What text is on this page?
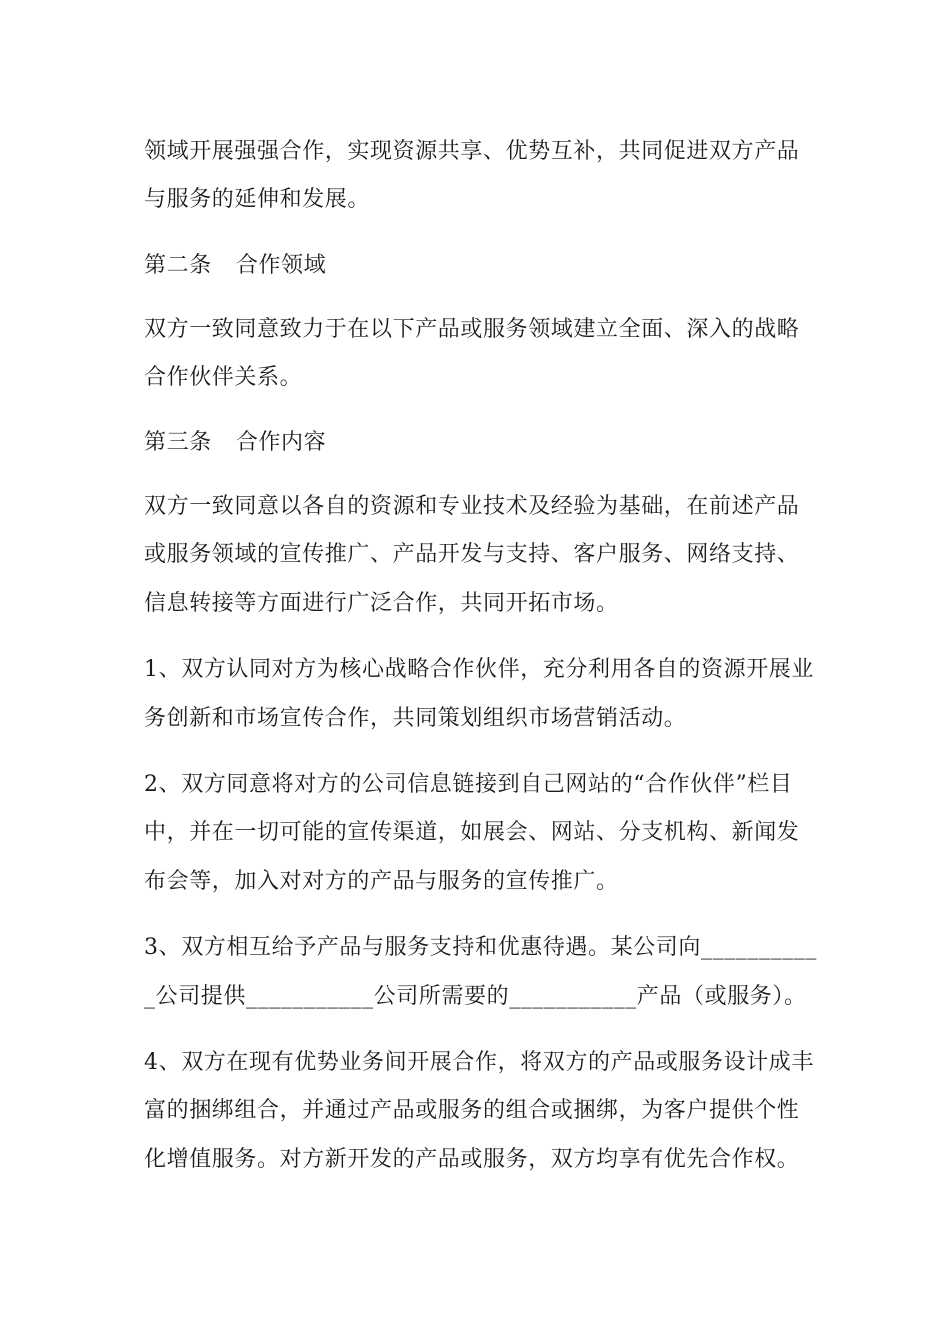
领域开展强强合作，实现资源共享、优势互补，共同促进双方产品
与服务的延伸和发展。
第二条 合作领域
双方一致同意致力于在以下产品或服务领域建立全面、深入的战略
合作伙伴关系。
第三条 合作内容
双方一致同意以各自的资源和专业技术及经验为基础，在前述产品
或服务领域的宣传推广、产品开发与支持、客户服务、网络支持、
信息转接等方面进行广泛合作，共同开拓市场。
1、双方认同对方为核心战略合作伙伴，充分利用各自的资源开展业
务创新和市场宣传合作，共同策划组织市场营销活动。
2、双方同意将对方的公司信息链接到自己网站的“合作伙伴”栏目
中，并在一切可能的宣传渠道，如展会、网站、分支机构、新闻发
布会等，加入对对方的产品与服务的宣传推广。
3、双方相互给予产品与服务支持和优惠待遇。某公司向__________
_公司提供___________公司所需要的___________产品（或服务）。
4、双方在现有优势业务间开展合作，将双方的产品或服务设计成丰
富的捆绑组合，并通过产品或服务的组合或捆绑，为客户提供个性
化增值服务。对方新开发的产品或服务，双方均享有优先合作权。
